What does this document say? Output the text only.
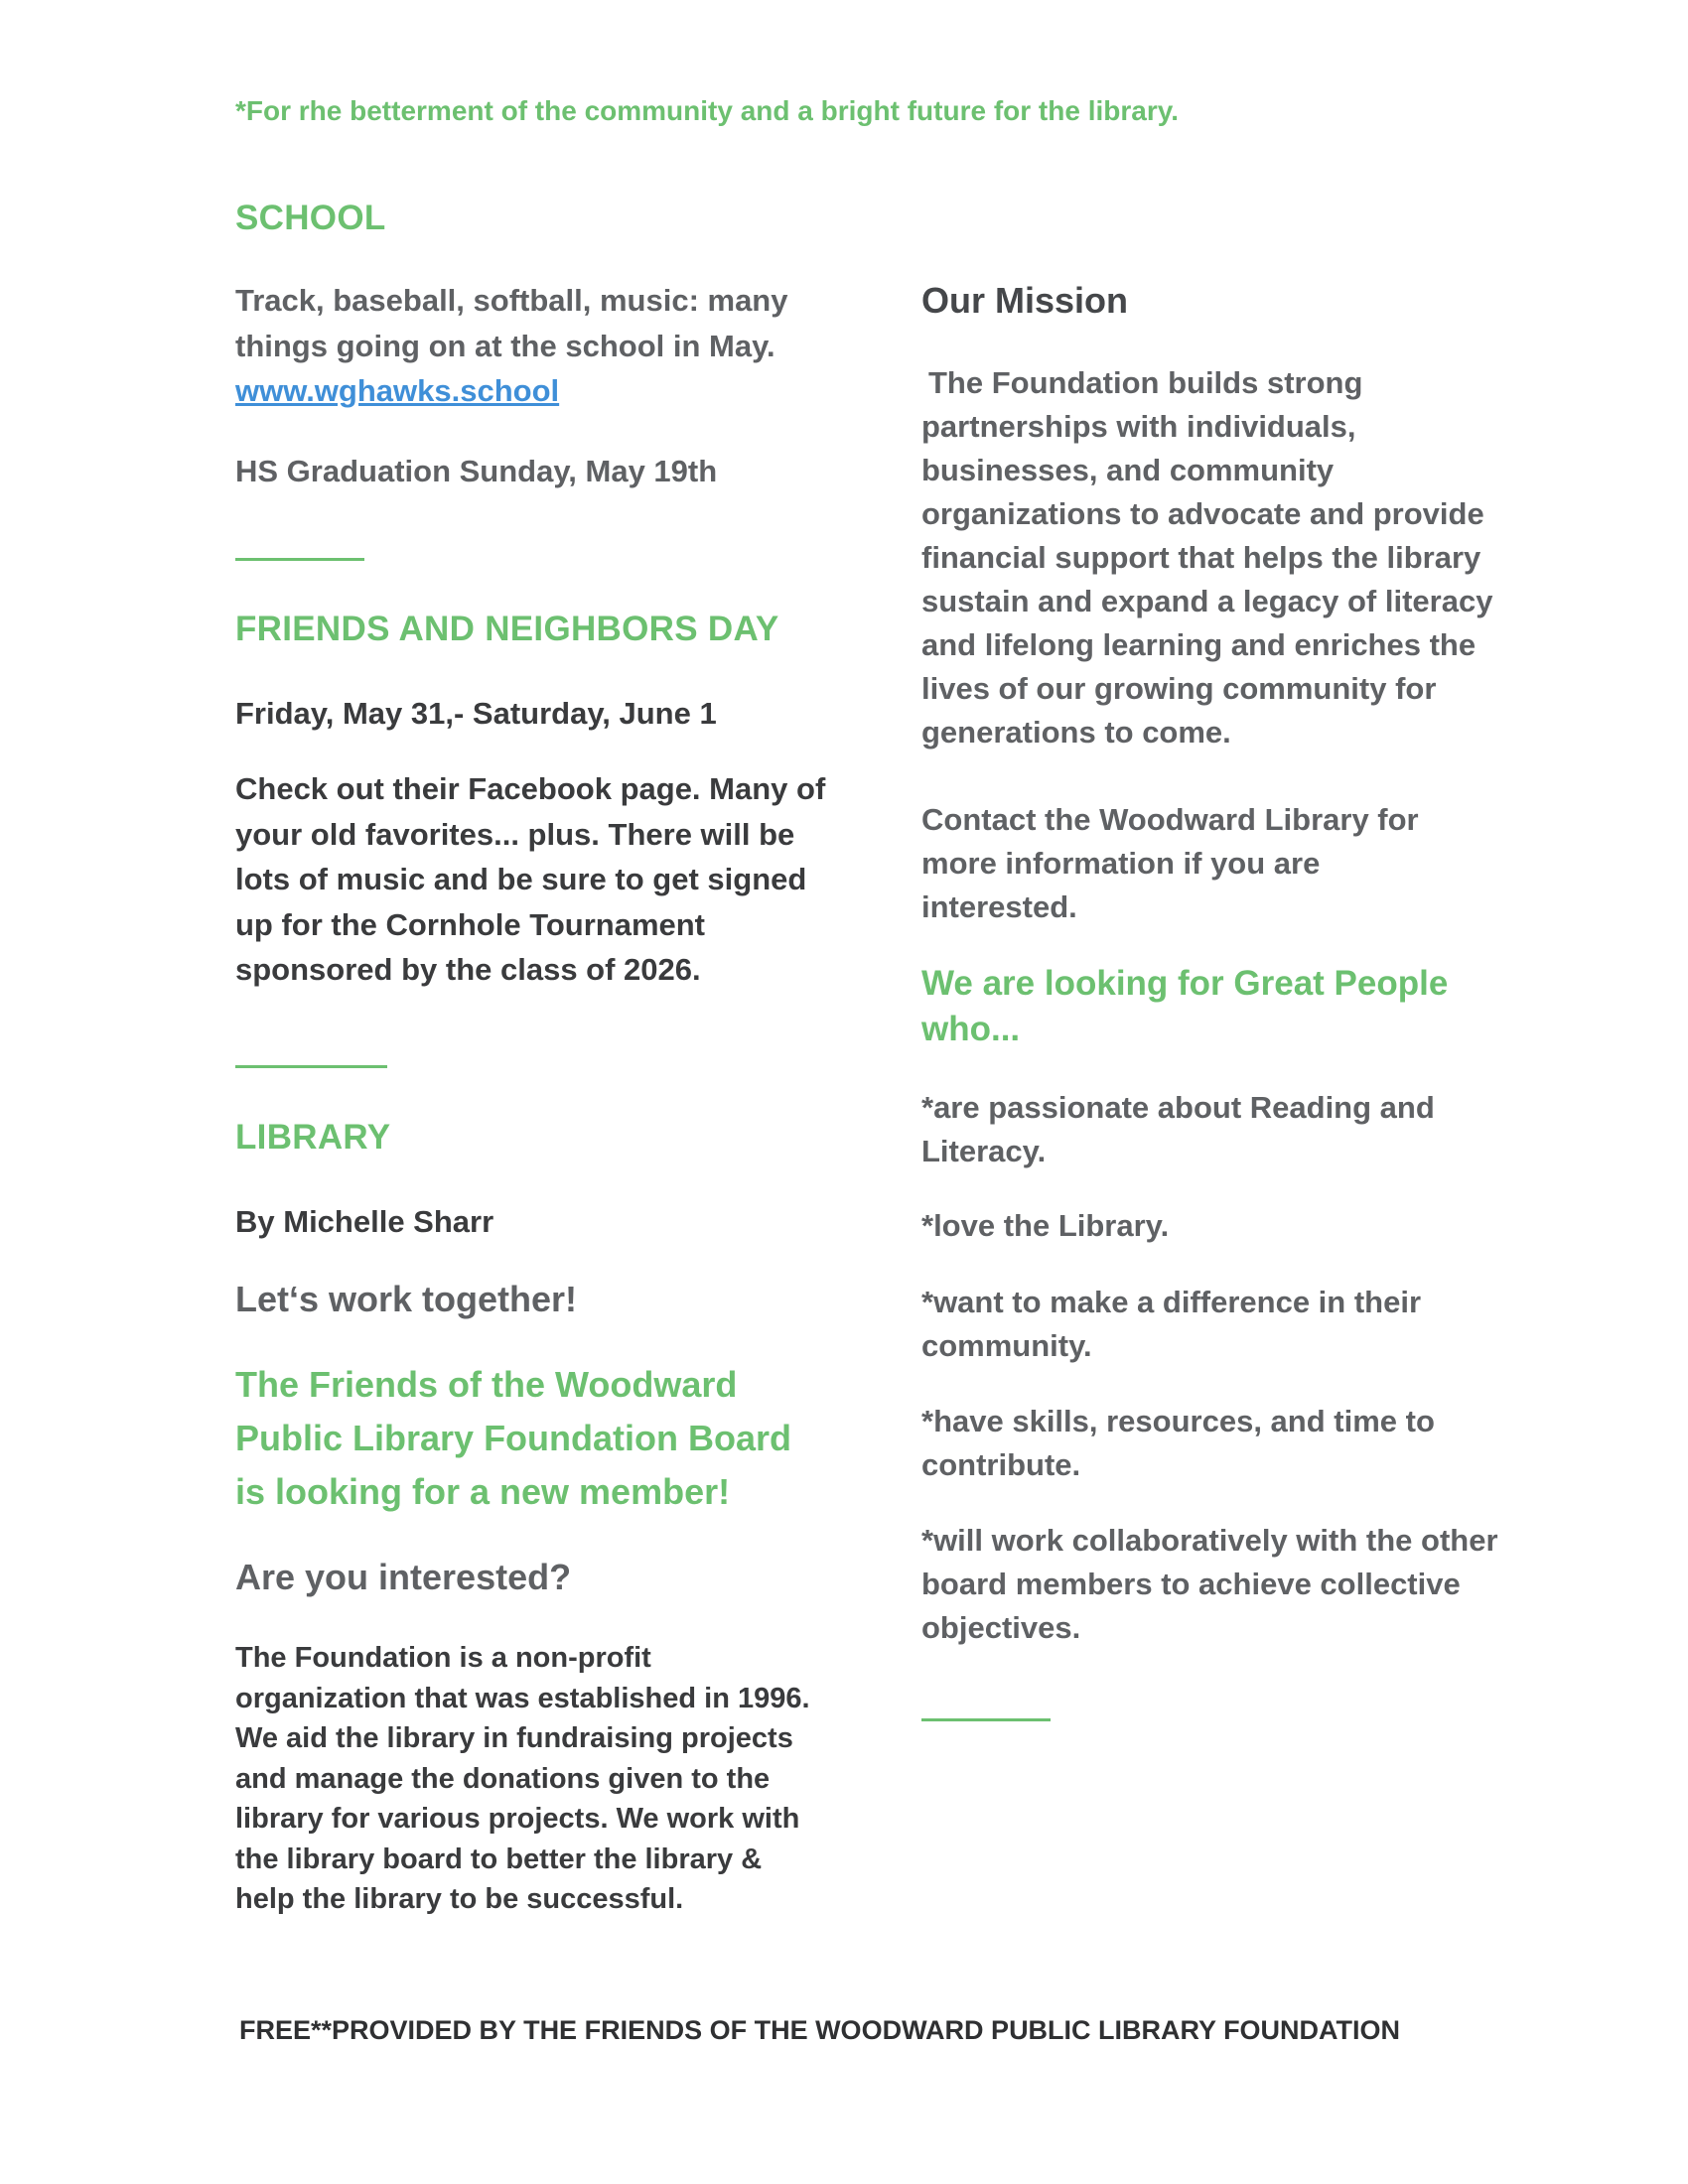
*For rhe betterment of the community and a bright future for the library.
SCHOOL
Track, baseball, softball, music: many things going on at the school in May.
www.wghawks.school
HS Graduation Sunday, May 19th
FRIENDS AND NEIGHBORS DAY
Friday, May 31,- Saturday, June 1
Check out their Facebook page. Many of your old favorites... plus. There will be lots of music and be sure to get signed up for the Cornhole Tournament sponsored by the class of 2026.
LIBRARY
By Michelle Sharr
Let‘s work together!
The Friends of the Woodward Public Library Foundation Board is looking for a new member!
Are you interested?
The Foundation is a non-profit organization that was established in 1996. We aid the library in fundraising projects and manage the donations given to the library for various projects. We work with the library board to better the library & help the library to be successful.
Our Mission
The Foundation builds strong partnerships with individuals, businesses, and community organizations to advocate and provide financial support that helps the library sustain and expand a legacy of literacy and lifelong learning and enriches the lives of our growing community for generations to come.
Contact the Woodward Library for more information if you are interested.
We are looking for Great People who...
*are passionate about Reading and Literacy.
*love the Library.
*want to make a difference in their community.
*have skills, resources, and time to contribute.
*will work collaboratively with the other board members to achieve collective objectives.
FREE**PROVIDED BY THE FRIENDS OF THE WOODWARD PUBLIC LIBRARY FOUNDATION
